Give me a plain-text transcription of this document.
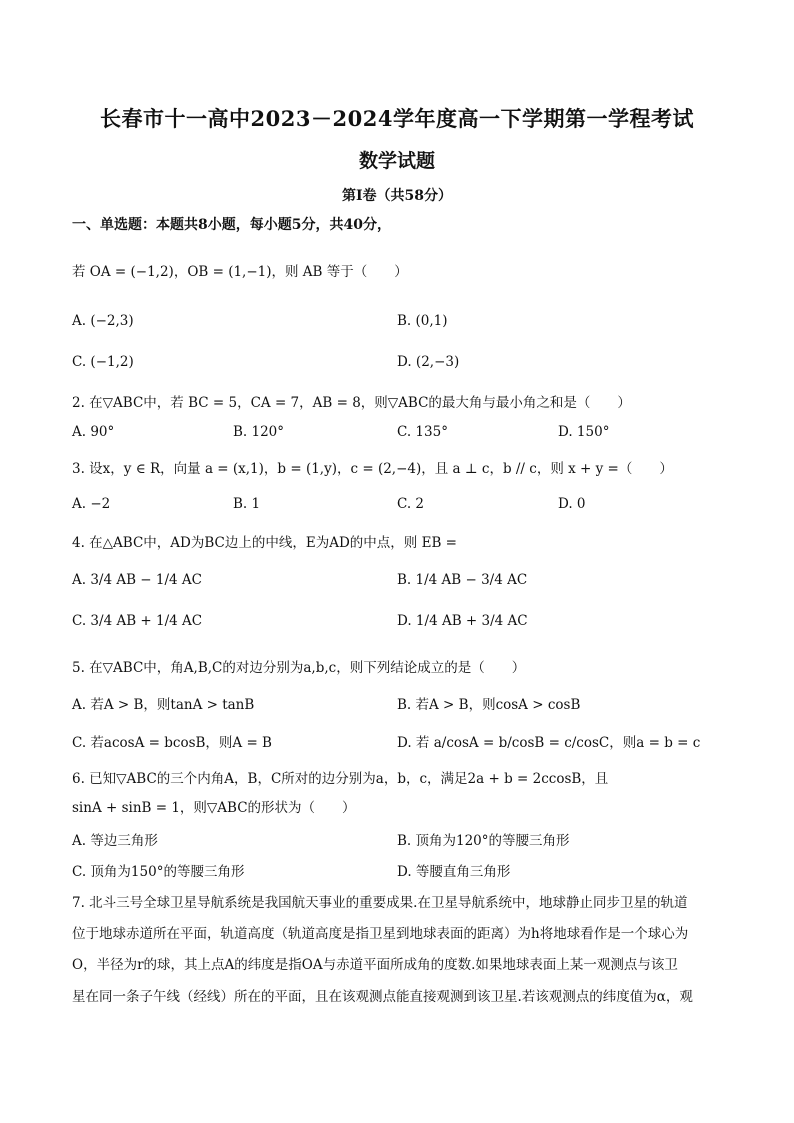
长春市十一高中2023－2024学年度高一下学期第一学程考试
数学试题
第Ⅰ卷（共58分）
一、单选题：本题共8小题，每小题5分，共40分，
若 OA = (−1,2)，OB = (1,−1)，则 AB 等于（　　）
A. (−2,3)	B. (0,1)
C. (−1,2)	D. (2,−3)
2. 在▽ABC中，若 BC = 5，CA = 7，AB = 8，则▽ABC的最大角与最小角之和是（　　）
A. 90°	B. 120°	C. 135°	D. 150°
3. 设x，y ∈ R，向量 a = (x,1)，b = (1,y)，c = (2,−4)，且 a ⊥ c，b // c，则 x + y =（　　）
A. −2	B. 1	C. 2	D. 0
4. 在△ABC中，AD为BC边上的中线，E为AD的中点，则 EB =
A. 3/4 AB − 1/4 AC	B. 1/4 AB − 3/4 AC
C. 3/4 AB + 1/4 AC	D. 1/4 AB + 3/4 AC
5. 在▽ABC中，角A,B,C的对边分别为a,b,c，则下列结论成立的是（　　）
A. 若A > B，则tanA > tanB	B. 若A > B，则cosA > cosB
C. 若acosA = bcosB，则A = B	D. 若 a/cosA = b/cosB = c/cosC，则a = b = c
6. 已知▽ABC的三个内角A，B，C所对的边分别为a，b，c，满足2a + b = 2ccosB，且
sinA + sinB = 1，则▽ABC的形状为（　　）
A. 等边三角形	B. 顶角为120°的等腰三角形
C. 顶角为150°的等腰三角形	D. 等腰直角三角形
7. 北斗三号全球卫星导航系统是我国航天事业的重要成果.在卫星导航系统中，地球静止同步卫星的轨道
位于地球赤道所在平面，轨道高度（轨道高度是指卫星到地球表面的距离）为h将地球看作是一个球心为
O，半径为r的球，其上点A的纬度是指OA与赤道平面所成角的度数.如果地球表面上某一观测点与该卫
星在同一条子午线（经线）所在的平面，且在该观测点能直接观测到该卫星.若该观测点的纬度值为α，观
